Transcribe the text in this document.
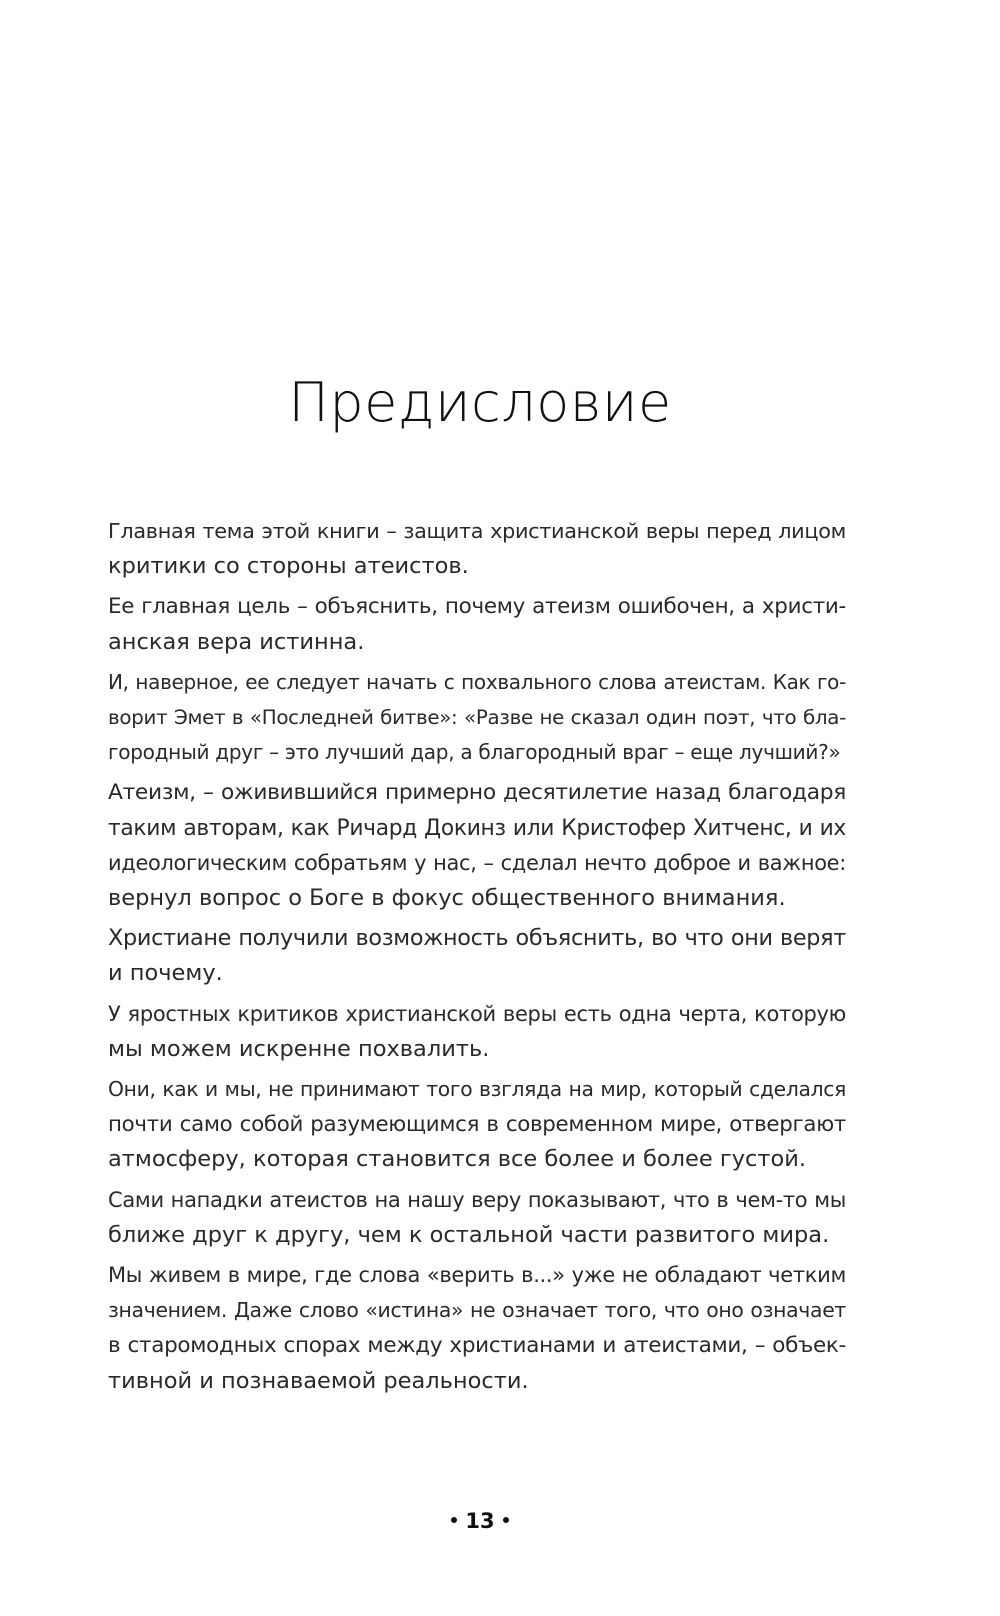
Предисловие

Главная тема этой книги – защита христианской веры перед лицом
критики со стороны атеистов.

Ее главная цель – объяснить, почему атеизм ошибочен, а христи-
анская вера истинна.

И, наверное, ее следует начать с похвального слова атеистам. Как го-
ворит Эмет в «Последней битве»: «Разве не сказал один поэт, что бла-
городный друг – это лучший дар, а благородный враг – еще лучший?»

Атеизм, – оживившийся примерно десятилетие назад благодаря
таким авторам, как Ричард Докинз или Кристофер Хитченс, и их
идеологическим собратьям у нас, – сделал нечто доброе и важное:
вернул вопрос о Боге в фокус общественного внимания.

Христиане получили возможность объяснить, во что они верят
и почему.

У яростных критиков христианской веры есть одна черта, которую
мы можем искренне похвалить.

Они, как и мы, не принимают того взгляда на мир, который сделался
почти само собой разумеющимся в современном мире, отвергают
атмосферу, которая становится все более и более густой.

Сами нападки атеистов на нашу веру показывают, что в чем-то мы
ближе друг к другу, чем к остальной части развитого мира.

Мы живем в мире, где слова «верить в...» уже не обладают четким
значением. Даже слово «истина» не означает того, что оно означает
в старомодных спорах между христианами и атеистами, – объек-
тивной и познаваемой реальности.

13
